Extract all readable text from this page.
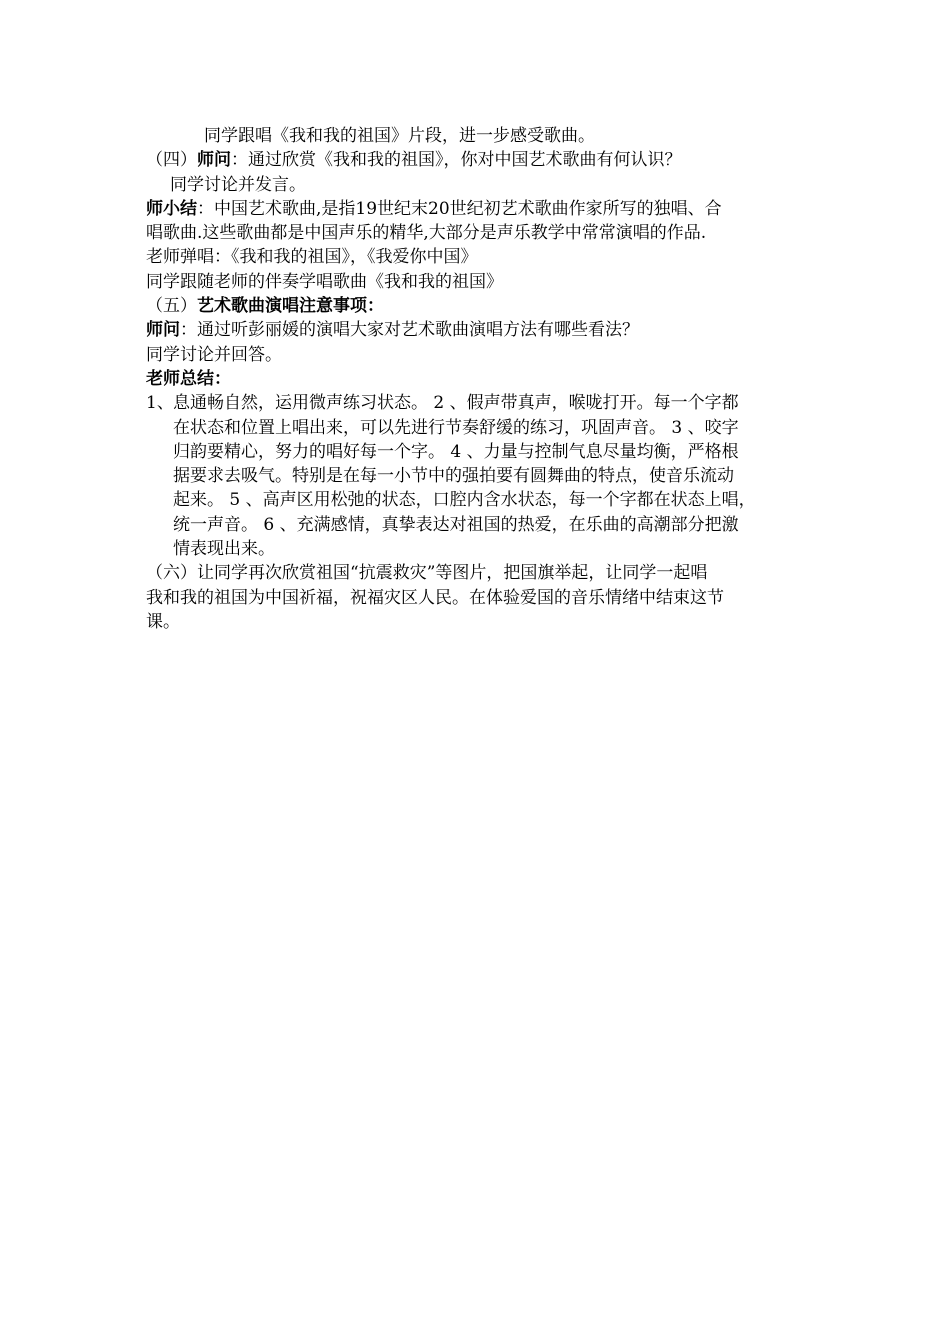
同学跟唱《我和我的祖国》片段，进一步感受歌曲。

（四）师问：通过欣赏《我和我的祖国》，你对中国艺术歌曲有何认识？

同学讨论并发言。

师小结：中国艺术歌曲,是指19世纪末20世纪初艺术歌曲作家所写的独唱、合

唱歌曲.这些歌曲都是中国声乐的精华,大部分是声乐教学中常常演唱的作品.

老师弹唱：《我和我的祖国》，《我爱你中国》

同学跟随老师的伴奏学唱歌曲《我和我的祖国》

（五）艺术歌曲演唱注意事项：

师问：通过听彭丽媛的演唱大家对艺术歌曲演唱方法有哪些看法？

同学讨论并回答。

老师总结：

1、 息通畅自然，运用微声练习状态。 2 、假声带真声，喉咙打开。每一个字都

在状态和位置上唱出来，可以先进行节奏舒缓的练习，巩固声音。 3 、咬字

归韵要精心，努力的唱好每一个字。 4 、力量与控制气息尽量均衡，严格根

据要求去吸气。特别是在每一小节中的强拍要有圆舞曲的特点，使音乐流动

起来。 5 、高声区用松弛的状态，口腔内含水状态，每一个字都在状态上唱，

统一声音。 6 、充满感情，真挚表达对祖国的热爱，在乐曲的高潮部分把激

情表现出来。

（六）让同学再次欣赏祖国“抗震救灾”等图片，把国旗举起，让同学一起唱

我和我的祖国为中国祈福，祝福灾区人民。在体验爱国的音乐情绪中结束这节

课。
